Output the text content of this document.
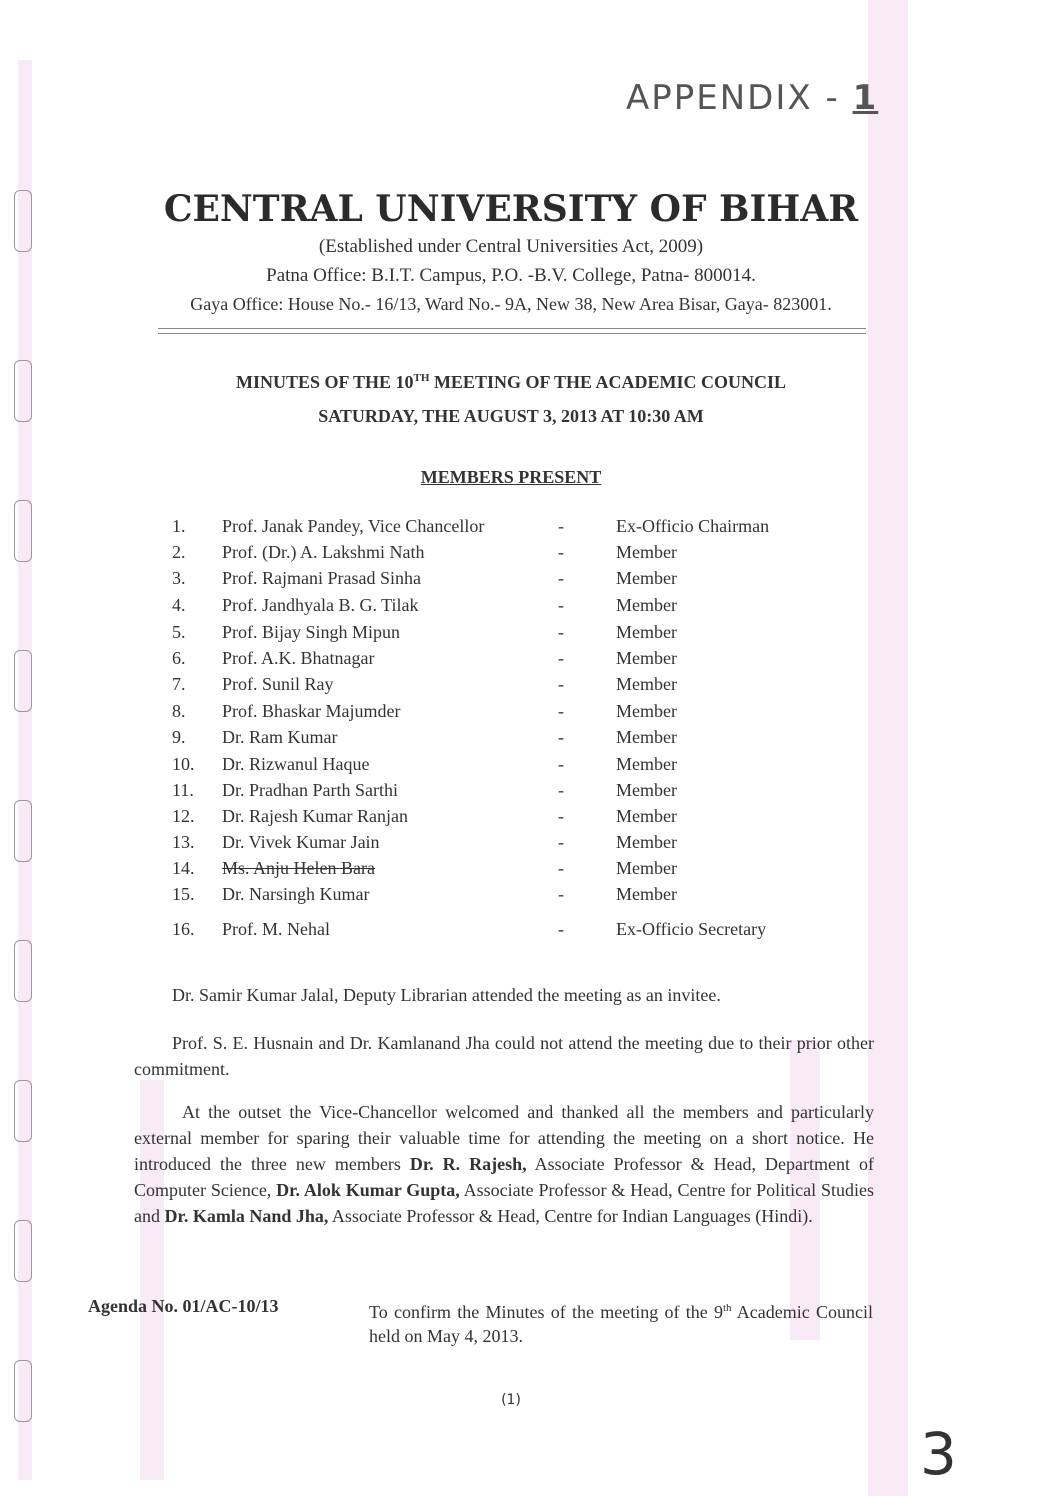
APPENDIX - 1
CENTRAL UNIVERSITY OF BIHAR
(Established under Central Universities Act, 2009)
Patna Office: B.I.T. Campus, P.O. -B.V. College, Patna- 800014.
Gaya Office: House No.- 16/13, Ward No.- 9A, New 38, New Area Bisar, Gaya- 823001.
MINUTES OF THE 10TH MEETING OF THE ACADEMIC COUNCIL
SATURDAY, THE AUGUST 3, 2013 AT 10:30 AM
MEMBERS PRESENT
1. Prof. Janak Pandey, Vice Chancellor	-	Ex-Officio Chairman
2. Prof. (Dr.) A. Lakshmi Nath	-	Member
3. Prof. Rajmani Prasad Sinha	-	Member
4. Prof. Jandhyala B. G. Tilak	-	Member
5. Prof. Bijay Singh Mipun	-	Member
6. Prof. A.K. Bhatnagar	-	Member
7. Prof. Sunil Ray	-	Member
8. Prof. Bhaskar Majumder	-	Member
9. Dr. Ram Kumar	-	Member
10. Dr. Rizwanul Haque	-	Member
11. Dr. Pradhan Parth Sarthi	-	Member
12. Dr. Rajesh Kumar Ranjan	-	Member
13. Dr. Vivek Kumar Jain	-	Member
14. Ms. Anju Helen Bara	-	Member
15. Dr. Narsingh Kumar	-	Member
16. Prof. M. Nehal	-	Ex-Officio Secretary
Dr. Samir Kumar Jalal, Deputy Librarian attended the meeting as an invitee.
Prof. S. E. Husnain and Dr. Kamlanand Jha could not attend the meeting due to their prior other commitment.
At the outset the Vice-Chancellor welcomed and thanked all the members and particularly external member for sparing their valuable time for attending the meeting on a short notice. He introduced the three new members Dr. R. Rajesh, Associate Professor & Head, Department of Computer Science, Dr. Alok Kumar Gupta, Associate Professor & Head, Centre for Political Studies and Dr. Kamla Nand Jha, Associate Professor & Head, Centre for Indian Languages (Hindi).
Agenda No. 01/AC-10/13	To confirm the Minutes of the meeting of the 9th Academic Council held on May 4, 2013.
(1)
3
